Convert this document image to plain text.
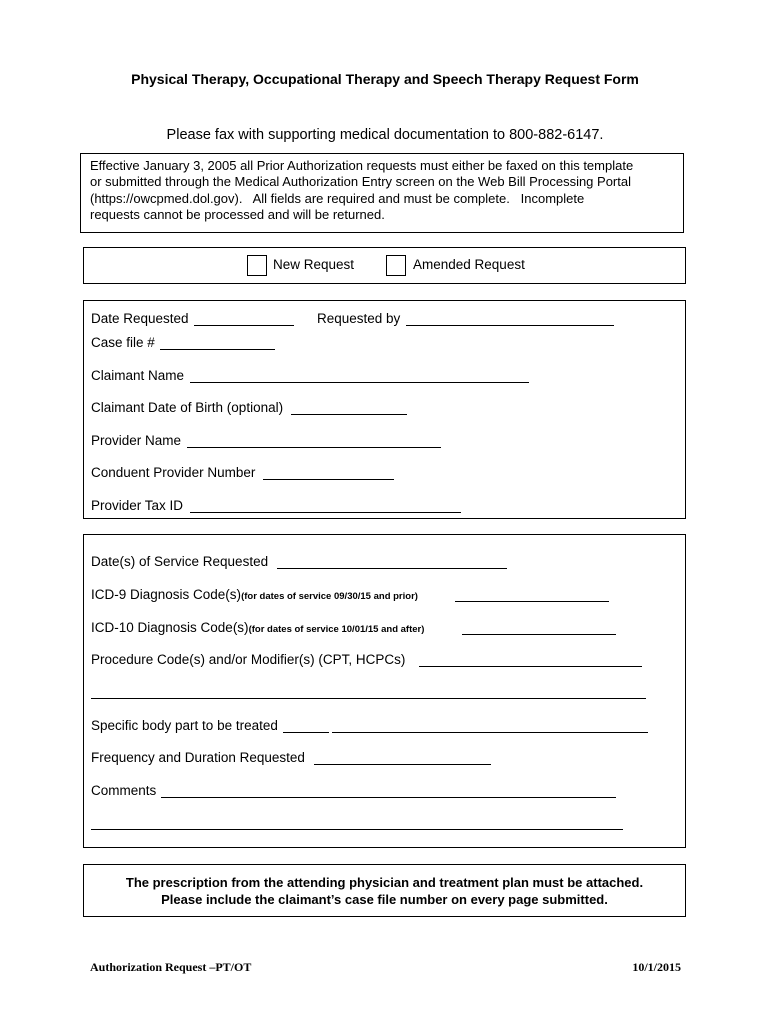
Physical Therapy, Occupational Therapy and Speech Therapy Request Form
Please fax with supporting medical documentation to 800-882-6147.
Effective January 3, 2005 all Prior Authorization requests must either be faxed on this template
or submitted through the Medical Authorization Entry screen on the Web Bill Processing Portal
(https://owcpmed.dol.gov).   All fields are required and must be complete.   Incomplete
requests cannot be processed and will be returned.
New Request	Amended Request
Date Requested	Requested by
Case file #
Claimant Name
Claimant Date of Birth (optional)
Provider Name
Conduent Provider Number
Provider Tax ID
Date(s) of Service Requested
ICD-9 Diagnosis Code(s)(for dates of service 09/30/15 and prior)
ICD-10 Diagnosis Code(s)(for dates of service 10/01/15 and after)
Procedure Code(s) and/or Modifier(s) (CPT, HCPCs)
Specific body part to be treated
Frequency and Duration Requested
Comments
The prescription from the attending physician and treatment plan must be attached.
Please include the claimant’s case file number on every page submitted.
Authorization Request –PT/OT	10/1/2015
